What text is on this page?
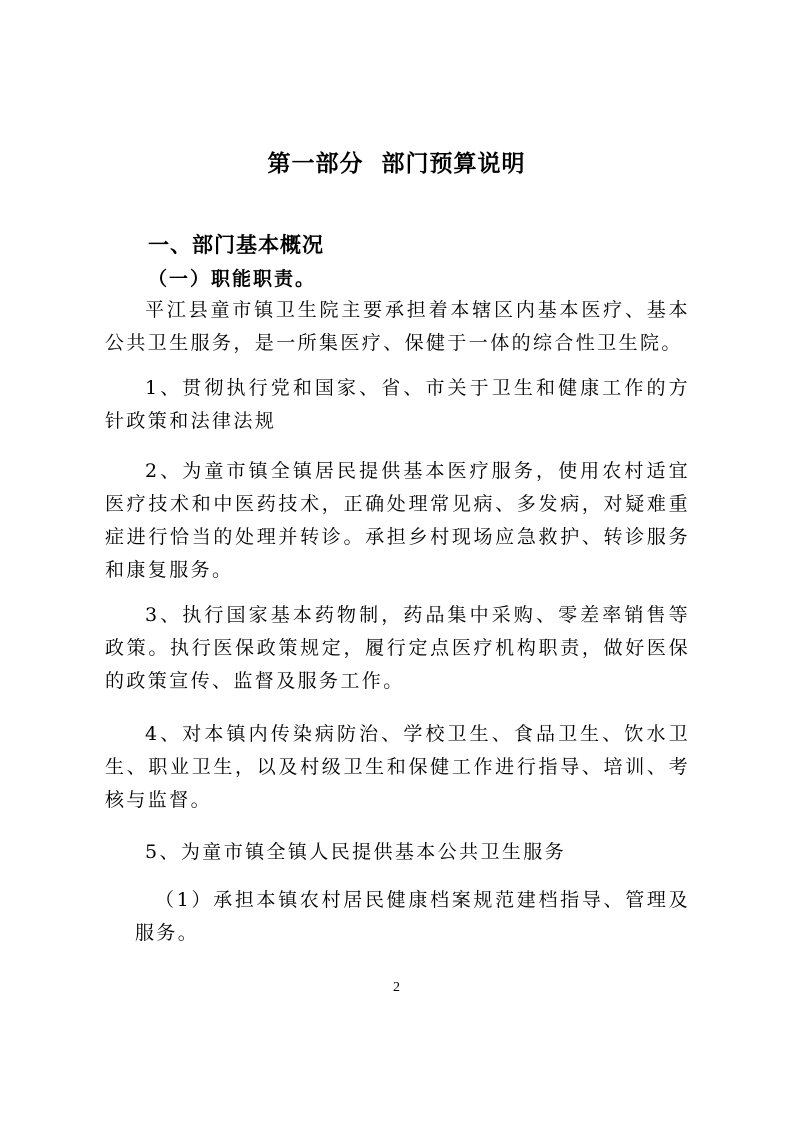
第一部分  部门预算说明
一、部门基本概况
（一）职能职责。

平江县童市镇卫生院主要承担着本辖区内基本医疗、基本公共卫生服务，是一所集医疗、保健于一体的综合性卫生院。

1、贯彻执行党和国家、省、市关于卫生和健康工作的方针政策和法律法规

2、为童市镇全镇居民提供基本医疗服务，使用农村适宜医疗技术和中医药技术，正确处理常见病、多发病，对疑难重症进行恰当的处理并转诊。承担乡村现场应急救护、转诊服务和康复服务。

3、执行国家基本药物制，药品集中采购、零差率销售等政策。执行医保政策规定，履行定点医疗机构职责，做好医保的政策宣传、监督及服务工作。

4、对本镇内传染病防治、学校卫生、食品卫生、饮水卫生、职业卫生，以及村级卫生和保健工作进行指导、培训、考核与监督。

5、为童市镇全镇人民提供基本公共卫生服务

（1）承担本镇农村居民健康档案规范建档指导、管理及服务。

2
